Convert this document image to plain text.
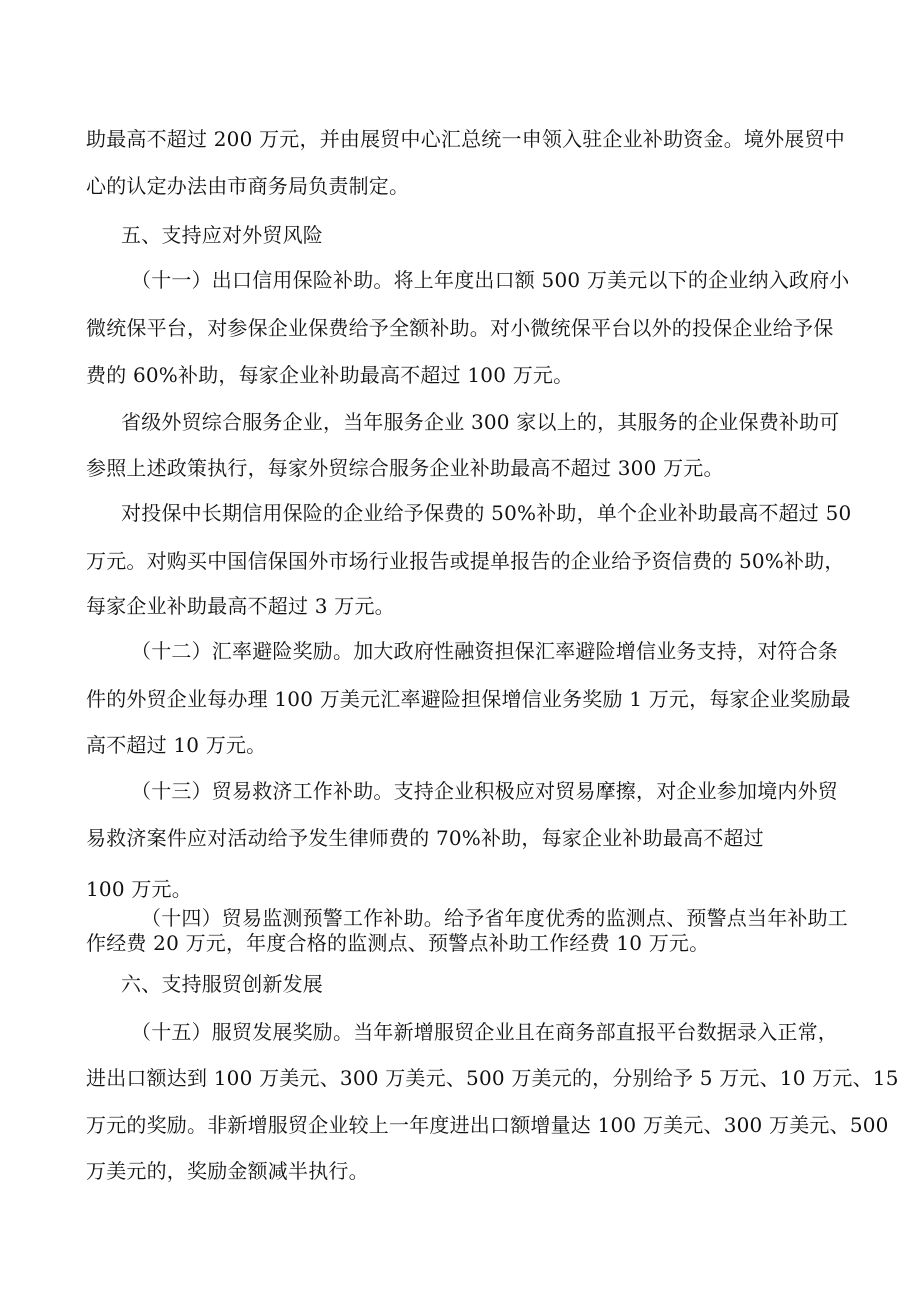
助最高不超过 200 万元，并由展贸中心汇总统一申领入驻企业补助资金。境外展贸中
心的认定办法由市商务局负责制定。
五、支持应对外贸风险
（十一）出口信用保险补助。将上年度出口额 500 万美元以下的企业纳入政府小
微统保平台，对参保企业保费给予全额补助。对小微统保平台以外的投保企业给予保
费的 60%补助，每家企业补助最高不超过 100 万元。
省级外贸综合服务企业，当年服务企业 300 家以上的，其服务的企业保费补助可
参照上述政策执行，每家外贸综合服务企业补助最高不超过 300 万元。
对投保中长期信用保险的企业给予保费的 50%补助，单个企业补助最高不超过 50
万元。对购买中国信保国外市场行业报告或提单报告的企业给予资信费的 50%补助，
每家企业补助最高不超过 3 万元。
（十二）汇率避险奖励。加大政府性融资担保汇率避险增信业务支持，对符合条
件的外贸企业每办理 100 万美元汇率避险担保增信业务奖励 1 万元，每家企业奖励最
高不超过 10 万元。
（十三）贸易救济工作补助。支持企业积极应对贸易摩擦，对企业参加境内外贸
易救济案件应对活动给予发生律师费的 70%补助，每家企业补助最高不超过
100 万元。
（十四）贸易监测预警工作补助。给予省年度优秀的监测点、预警点当年补助工
作经费 20 万元，年度合格的监测点、预警点补助工作经费 10 万元。
六、支持服贸创新发展
（十五）服贸发展奖励。当年新增服贸企业且在商务部直报平台数据录入正常，
进出口额达到 100 万美元、300 万美元、500 万美元的，分别给予 5 万元、10 万元、15
万元的奖励。非新增服贸企业较上一年度进出口额增量达 100 万美元、300 万美元、500
万美元的，奖励金额减半执行。
